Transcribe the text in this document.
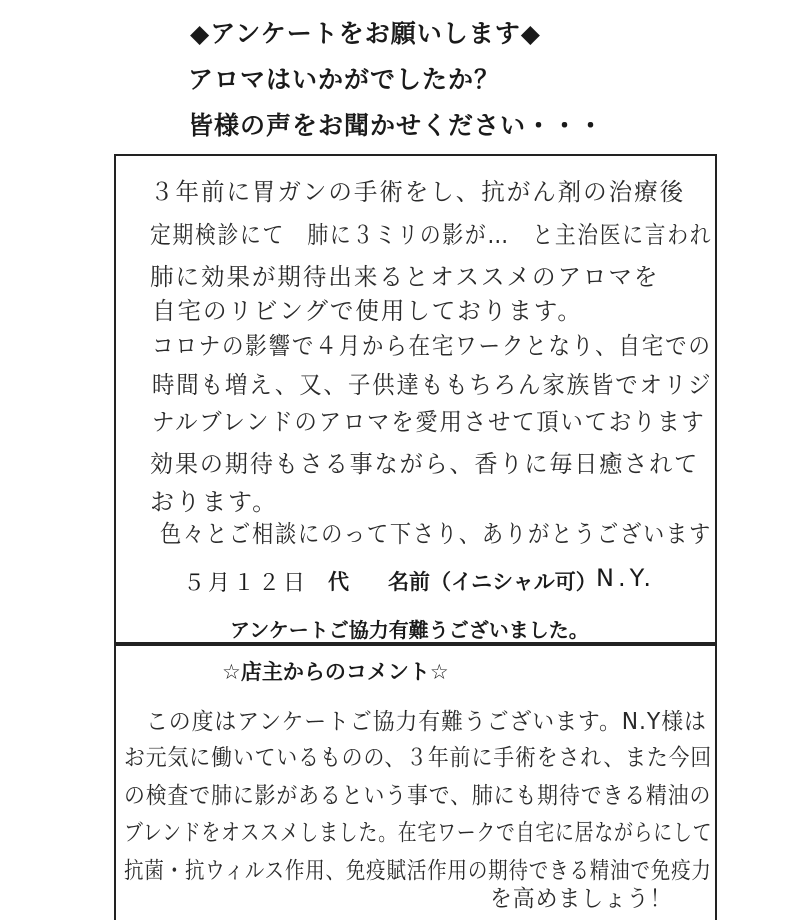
◆アンケートをお願いします◆
アロマはいかがでしたか？
皆様の声をお聞かせください・・・
３年前に胃ガンの手術をし、抗がん剤の治療後
定期検診にて　肺に３ミリの影が…　と主治医に言われ
肺に効果が期待出来るとオススメのアロマを
自宅のリビングで使用しております。
コロナの影響で４月から在宅ワークとなり、自宅での
時間も増え、又、子供達ももちろん家族皆でオリジ
ナルブレンドのアロマを愛用させて頂いております
効果の期待もさる事ながら、香りに毎日癒されて
おります。
色々とご相談にのって下さり、ありがとうございます
５月１２日 代 名前（イニシャル可） N.Y.
アンケートご協力有難うございました。
☆店主からのコメント☆
この度はアンケートご協力有難うございます。N.Y様は
お元気に働いているものの、３年前に手術をされ、また今回
の検査で肺に影があるという事で、肺にも期待できる精油の
ブレンドをオススメしました。在宅ワークで自宅に居ながらにして
抗菌・抗ウィルス作用、免疫賦活作用の期待できる精油で免疫力
を高めましょう！
